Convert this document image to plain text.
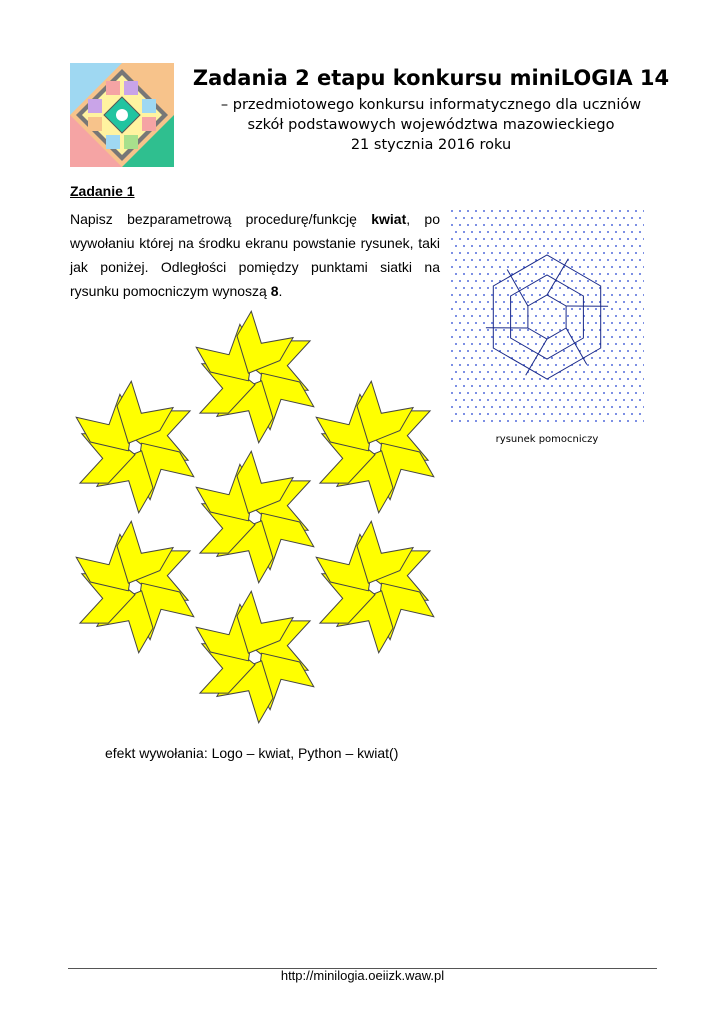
Zadania 2 etapu konkursu miniLOGIA 14
– przedmiotowego konkursu informatycznego dla uczniów
szkół podstawowych województwa mazowieckiego
21 stycznia 2016 roku
Zadanie 1

Napisz bezparametrową procedurę/funkcję kwiat, po wywołaniu której na środku ekranu powstanie rysunek, taki jak poniżej. Odległości pomiędzy punktami siatki na rysunku pomocniczym wynoszą 8.

rysunek pomocniczy

efekt wywołania: Logo – kwiat, Python – kwiat()

http://minilogia.oeiizk.waw.pl
